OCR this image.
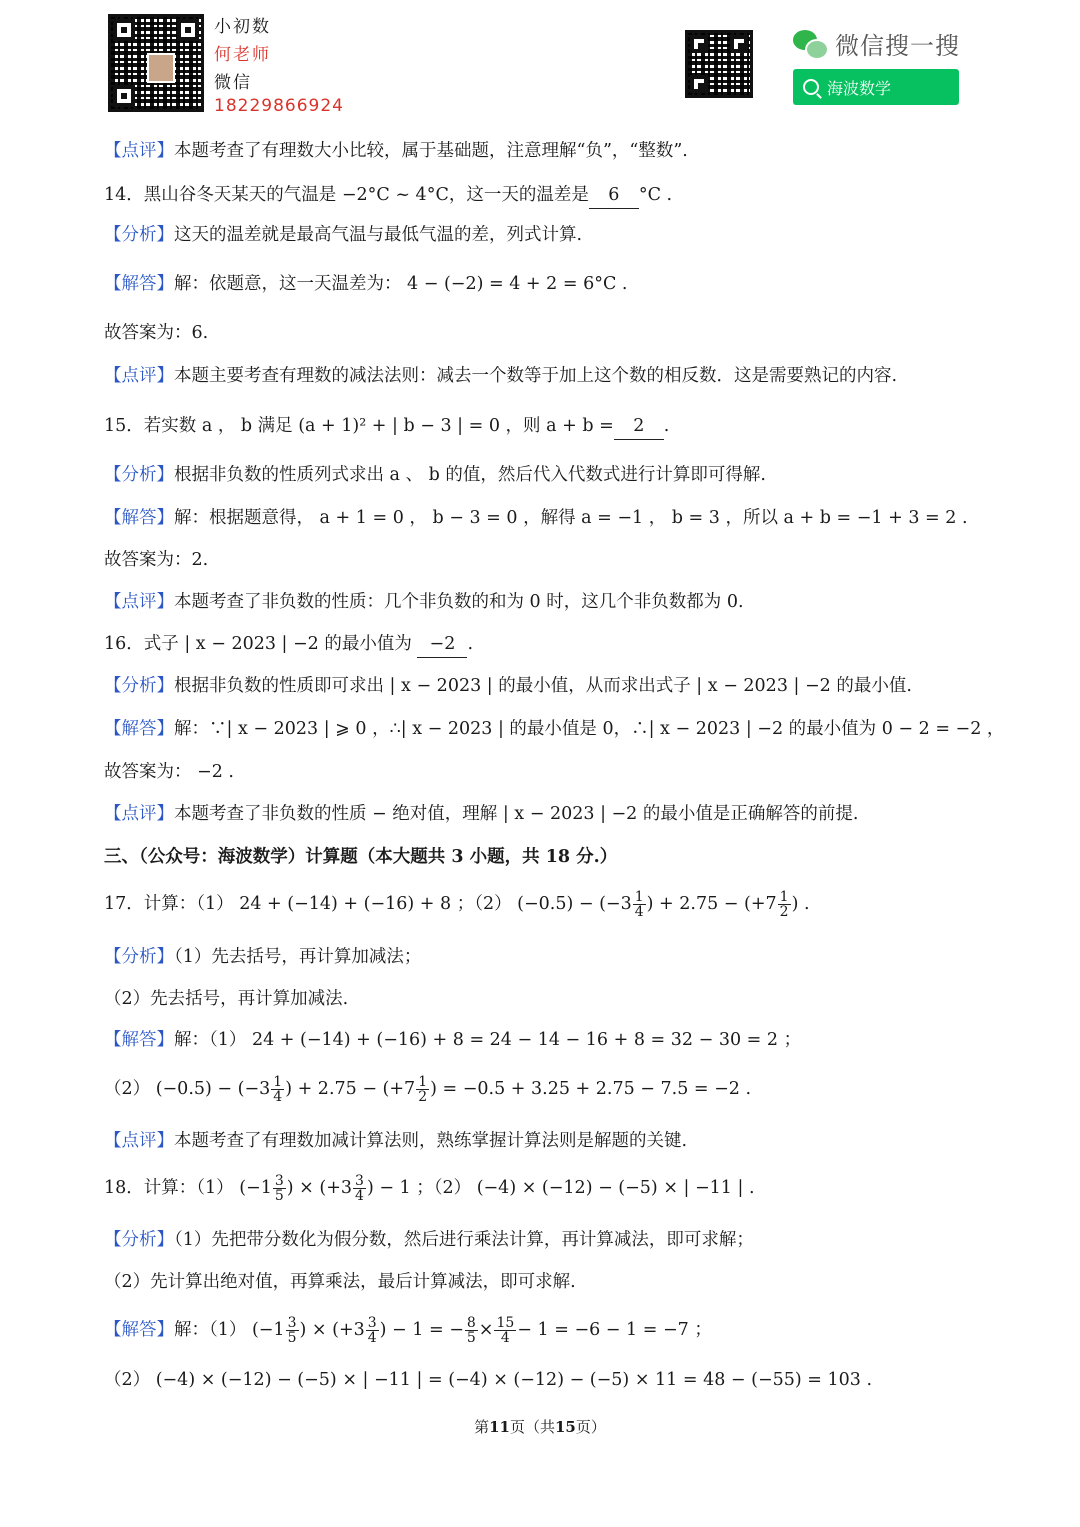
小初数
何老师
微信
18229866924
微信搜一搜
海波数学
【点评】本题考查了有理数大小比较，属于基础题，注意理解“负”，“整数”.
14．黑山谷冬天某天的气温是 −2°C ~ 4°C，这一天的温差是 6 °C .
【分析】这天的温差就是最高气温与最低气温的差，列式计算.
【解答】解：依题意，这一天温差为： 4 − (−2) = 4 + 2 = 6°C .
故答案为：6.
【点评】本题主要考查有理数的减法法则：减去一个数等于加上这个数的相反数．这是需要熟记的内容.
15．若实数 a ， b 满足 (a + 1)² + | b − 3 | = 0 ，则 a + b = 2 .
【分析】根据非负数的性质列式求出 a 、 b 的值，然后代入代数式进行计算即可得解.
【解答】解：根据题意得， a + 1 = 0 ， b − 3 = 0 ，解得 a = −1 ， b = 3 ，所以 a + b = −1 + 3 = 2 .
故答案为：2.
【点评】本题考查了非负数的性质：几个非负数的和为 0 时，这几个非负数都为 0.
16．式子 | x − 2023 | −2 的最小值为 −2 .
【分析】根据非负数的性质即可求出 | x − 2023 | 的最小值，从而求出式子 | x − 2023 | −2 的最小值.
【解答】解：∵| x − 2023 | ⩾ 0 ，∴| x − 2023 | 的最小值是 0，∴| x − 2023 | −2 的最小值为 0 − 2 = −2 ，
故答案为： −2 .
【点评】本题考查了非负数的性质 − 绝对值，理解 | x − 2023 | −2 的最小值是正确解答的前提.
三、（公众号：海波数学）计算题（本大题共 3 小题，共 18 分.）
17．计算：（1） 24 + (−14) + (−16) + 8 ；（2） $(-0.5) - (-3 \frac{1}{4}$ ) + $2.75 - (+7 \frac{1}{2}$ ) .
【分析】（1）先去括号，再计算加减法；
（2）先去括号，再计算加减法.
【解答】解：（1） 24 + (−14) + (−16) + 8 = 24 − 14 − 16 + 8 = 32 − 30 = 2 ；
（2） $(-0.5) - (-3 \frac{1}{4}$ ) + $2.75 - (+7 \frac{1}{2}$ ) = −0.5 + 3.25 + 2.75 − 7.5 = −2 .
【点评】本题考查了有理数加减计算法则，熟练掌握计算法则是解题的关键.
18．计算：（1） ($-1 \frac{3}{5}$ ) × ($+3 \frac{3}{4}$ ) − 1 ；（2） (−4) × (−12) − (−5) × | −11 | .
【分析】（1）先把带分数化为假分数，然后进行乘法计算，再计算减法，即可求解；
（2）先计算出绝对值，再算乘法，最后计算减法，即可求解.
【解答】解：（1） ($-1 \frac{3}{5}$ ) × ($+3 \frac{3}{4}$ ) − 1 = − $\frac{8}{5} \times \frac{15}{4} - 1 = -6 - 1 = -7$ ；
（2） (−4) × (−12) − (−5) × | −11 | = (−4) × (−12) − (−5) × 11 = 48 − (−55) = 103 .
第11页（共15页）
